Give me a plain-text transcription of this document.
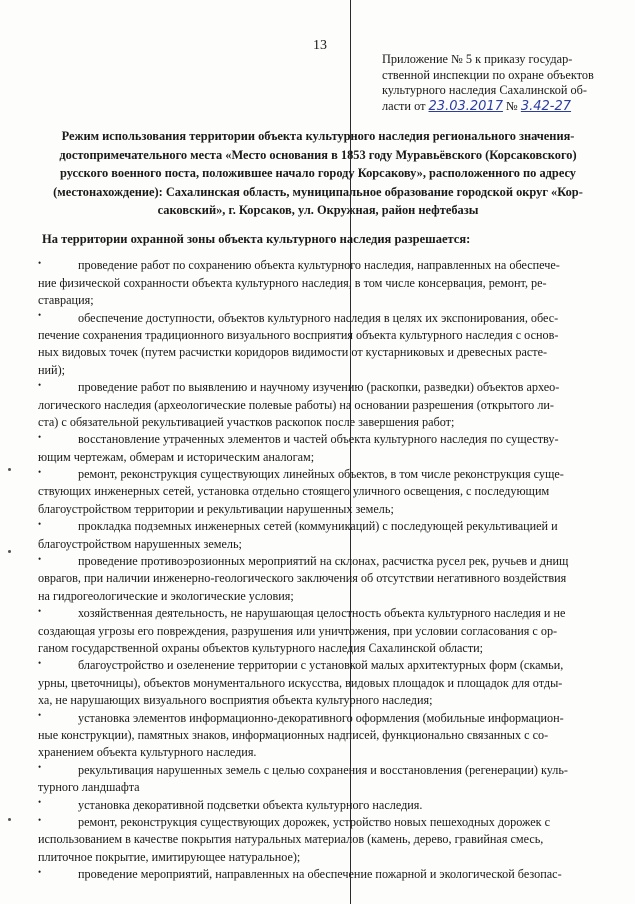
13
Приложение № 5 к приказу государ-
ственной инспекции по охране объектов
культурного наследия Сахалинской об-
ласти от 23.03.2017 № 3.42-27
Режим использования территории объекта культурного наследия регионального значения-
достопримечательного места «Место основания в 1853 году Муравьёвского (Корсаковского)
русского военного поста, положившее начало городу Корсакову», расположенного по адресу
(местонахождение): Сахалинская область, муниципальное образование городской округ «Кор-
саковский», г. Корсаков, ул. Окружная, район нефтебазы
На территории охранной зоны объекта культурного наследия разрешается:
•	проведение работ по сохранению объекта культурного наследия, направленных на обеспече-
ние физической сохранности объекта культурного наследия, в том числе консервация, ремонт, ре-
ставрация;
•	обеспечение доступности, объектов культурного наследия в целях их экспонирования, обес-
печение сохранения традиционного визуального восприятия объекта культурного наследия с основ-
ных видовых точек (путем расчистки коридоров видимости от кустарниковых и древесных расте-
ний);
•	проведение работ по выявлению и научному изучению (раскопки, разведки) объектов архео-
логического наследия (археологические полевые работы) на основании разрешения (открытого ли-
ста) с обязательной рекультивацией участков раскопок после завершения работ;
•	восстановление утраченных элементов и частей объекта культурного наследия по существу-
ющим чертежам, обмерам и историческим аналогам;
•	ремонт, реконструкция существующих линейных объектов, в том числе реконструкция суще-
ствующих инженерных сетей, установка отдельно стоящего уличного освещения, с последующим
благоустройством территории и рекультивации нарушенных земель;
•	прокладка подземных инженерных сетей (коммуникаций) с последующей рекультивацией и
благоустройством нарушенных земель;
•	проведение противоэрозионных мероприятий на склонах, расчистка русел рек, ручьев и днищ
оврагов, при наличии инженерно-геологического заключения об отсутствии негативного воздействия
на гидрогеологические и экологические условия;
•	хозяйственная деятельность, не нарушающая целостность объекта культурного наследия и не
создающая угрозы его повреждения, разрушения или уничтожения, при условии согласования с ор-
ганом государственной охраны объектов культурного наследия Сахалинской области;
•	благоустройство и озеленение территории с установкой малых архитектурных форм (скамьи,
урны, цветочницы), объектов монументального искусства, видовых площадок и площадок для отды-
ха, не нарушающих визуального восприятия объекта культурного наследия;
•	установка элементов информационно-декоративного оформления (мобильные информацион-
ные конструкции), памятных знаков, информационных надписей, функционально связанных с со-
хранением объекта культурного наследия.
•	рекультивация нарушенных земель с целью сохранения и восстановления (регенерации) куль-
турного ландшафта
•	установка декоративной подсветки объекта культурного наследия.
•	ремонт, реконструкция существующих дорожек, устройство новых пешеходных дорожек с
использованием в качестве покрытия натуральных материалов (камень, дерево, гравийная смесь,
плиточное покрытие, имитирующее натуральное);
•	проведение мероприятий, направленных на обеспечение пожарной и экологической безопас-
